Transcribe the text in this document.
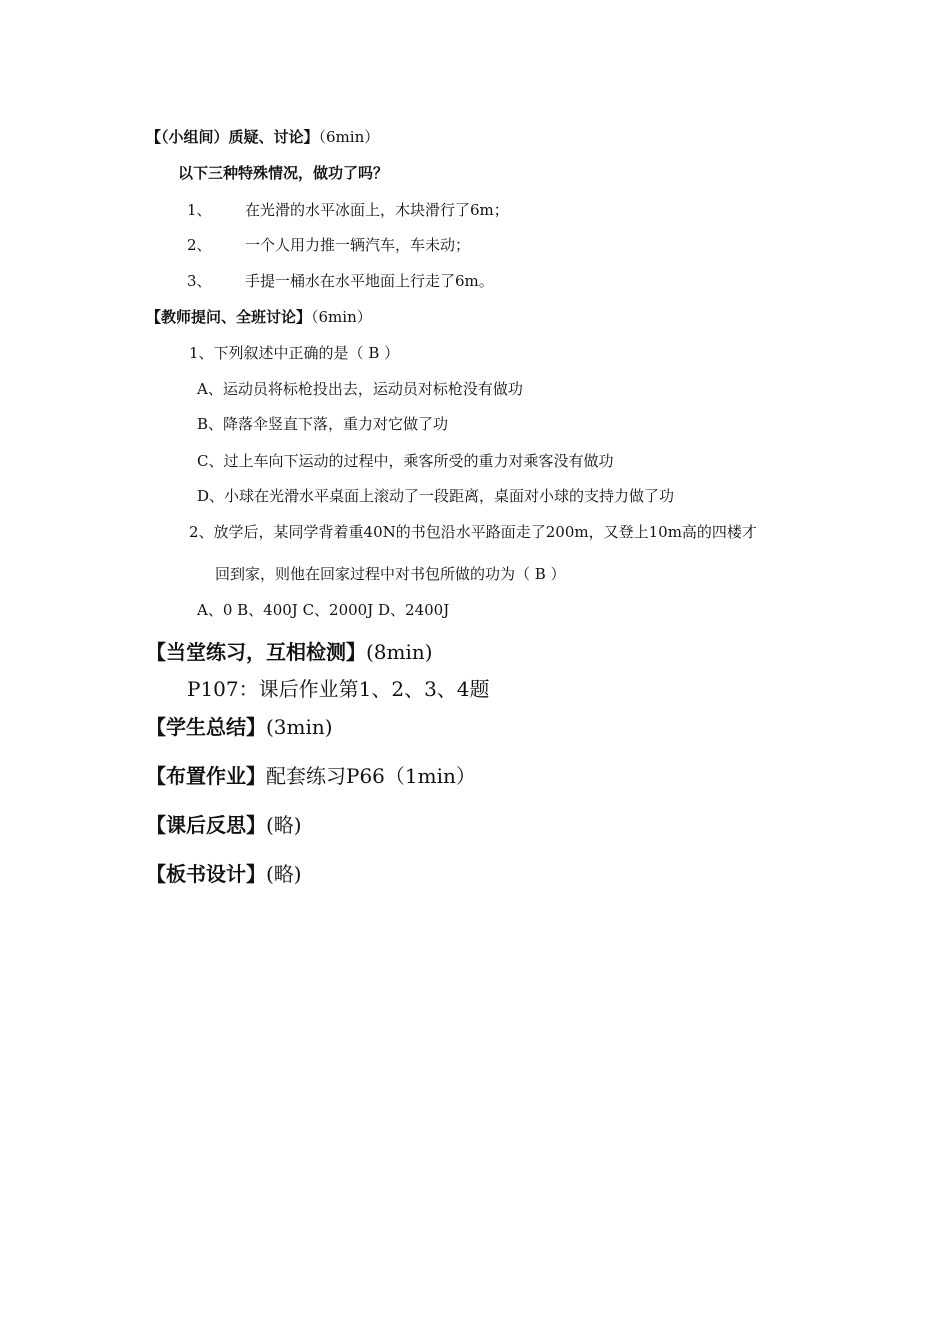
【（小组间）质疑、讨论】（6min）
以下三种特殊情况，做功了吗？
1、 在光滑的水平冰面上，木块滑行了6m；
2、 一个人用力推一辆汽车，车未动；
3、 手提一桶水在水平地面上行走了6m。
【教师提问、全班讨论】（6min）
1、下列叙述中正确的是（ B ）
A、运动员将标枪投出去，运动员对标枪没有做功
B、降落伞竖直下落，重力对它做了功
C、过上车向下运动的过程中，乘客所受的重力对乘客没有做功
D、小球在光滑水平桌面上滚动了一段距离，桌面对小球的支持力做了功
2、放学后，某同学背着重40N的书包沿水平路面走了200m，又登上10m高的四楼才
回到家，则他在回家过程中对书包所做的功为（ B ）
A、0 B、400J C、2000J D、2400J
【当堂练习，互相检测】(8min)
P107：课后作业第1、2、3、4题
【学生总结】(3min)
【布置作业】配套练习P66（1min）
【课后反思】(略)
【板书设计】(略)
